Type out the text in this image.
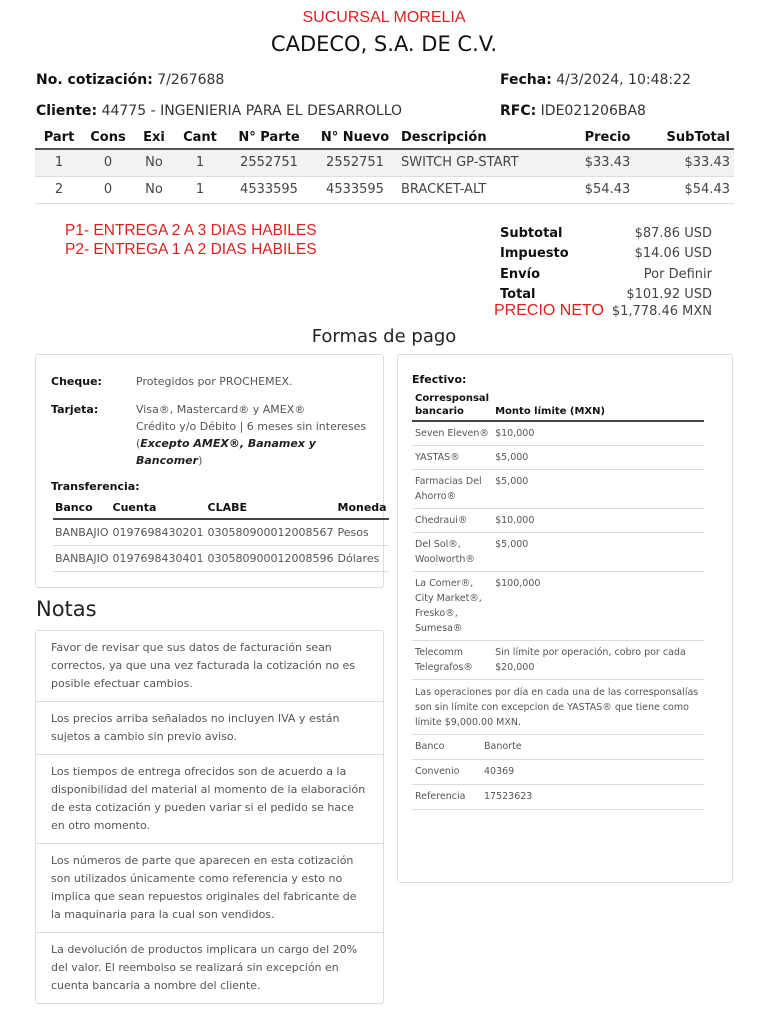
SUCURSAL MORELIA
CADECO, S.A. DE C.V.
No. cotización: 7/267688	Fecha: 4/3/2024, 10:48:22
Cliente: 44775 - INGENIERIA PARA EL DESARROLLO	RFC: IDE021206BA8
Part	Cons	Exi	Cant	N° Parte	N° Nuevo	Descripción	Precio	SubTotal
1	0	No	1	2552751	2552751	SWITCH GP-START	$33.43	$33.43
2	0	No	1	4533595	4533595	BRACKET-ALT	$54.43	$54.43
P1- ENTREGA 2 A 3 DIAS HABILES
P2- ENTREGA 1 A 2 DIAS HABILES
Subtotal	$87.86 USD
Impuesto	$14.06 USD
Envío	Por Definir
Total	$101.92 USD
PRECIO NETO $1,778.46 MXN
Formas de pago
Cheque:	Protegidos por PROCHEMEX.
Tarjeta:	Visa®, Mastercard® y AMEX®
Crédito y/o Débito | 6 meses sin intereses
(Excepto AMEX®, Banamex y Bancomer)
Transferencia:
Banco	Cuenta	CLABE	Moneda
BANBAJIO	0197698430201	030580900012008567	Pesos
BANBAJIO	0197698430401	030580900012008596	Dólares
Efectivo:
Corresponsal bancario	Monto límite (MXN)
Seven Eleven®	$10,000
YASTAS®	$5,000
Farmacias Del Ahorro®	$5,000
Chedraui®	$10,000
Del Sol®, Woolworth®	$5,000
La Comer®, City Market®, Fresko®, Sumesa®	$100,000
Telecomm Telegrafos®	Sin límite por operación, cobro por cada $20,000
Las operaciones por día en cada una de las corresponsalías son sin límite con excepcion de YASTAS® que tiene como límite $9,000.00 MXN.
Banco	Banorte
Convenio	40369
Referencia	17523623
Notas
Favor de revisar que sus datos de facturación sean correctos, ya que una vez facturada la cotización no es posible efectuar cambios.
Los precios arriba señalados no incluyen IVA y están sujetos a cambio sin previo aviso.
Los tiempos de entrega ofrecidos son de acuerdo a la disponibilidad del material al momento de la elaboración de esta cotización y pueden variar si el pedido se hace en otro momento.
Los números de parte que aparecen en esta cotización son utilizados únicamente como referencia y esto no implica que sean repuestos originales del fabricante de la maquinaria para la cual son vendidos.
La devolución de productos implicara un cargo del 20% del valor. El reembolso se realizará sin excepción en cuenta bancaria a nombre del cliente.
